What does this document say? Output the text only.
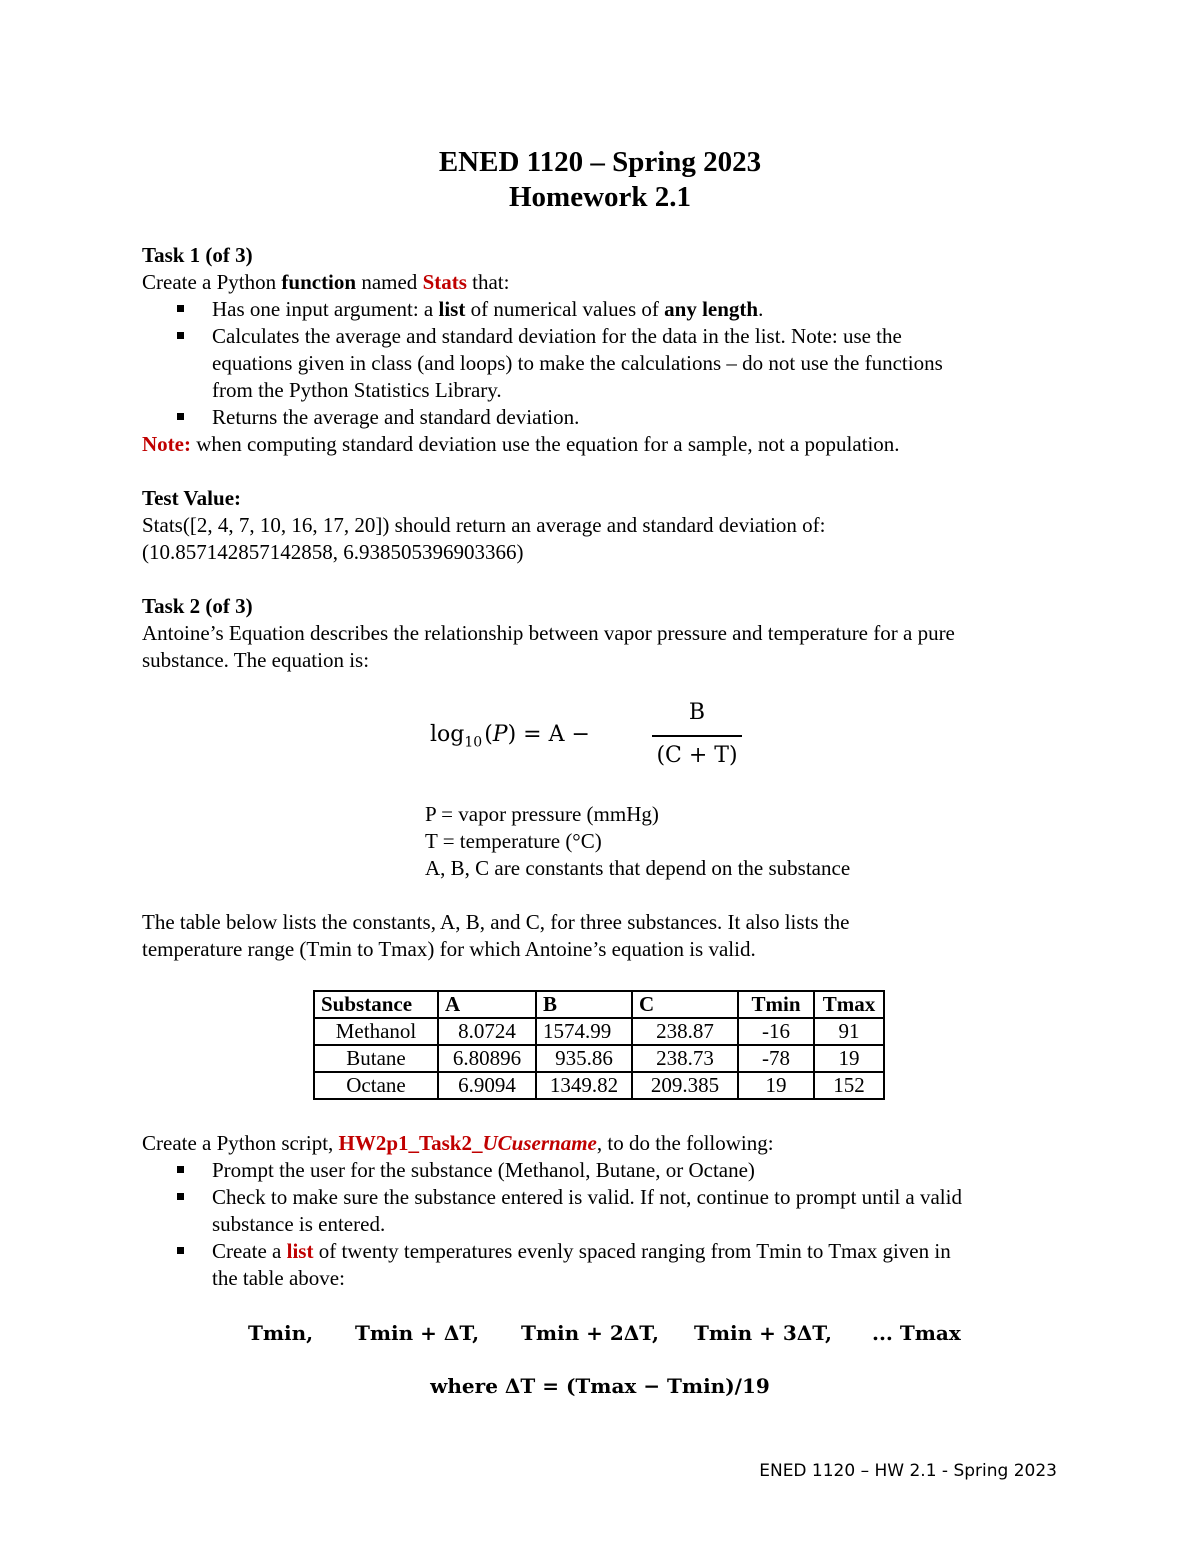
ENED 1120 – Spring 2023
Homework 2.1
Task 1 (of 3)
Create a Python function named Stats that:
Has one input argument: a list of numerical values of any length.
Calculates the average and standard deviation for the data in the list. Note: use the
equations given in class (and loops) to make the calculations – do not use the functions
from the Python Statistics Library.
Returns the average and standard deviation.
Note: when computing standard deviation use the equation for a sample, not a population.
Test Value:
Stats([2, 4, 7, 10, 16, 17, 20]) should return an average and standard deviation of:
(10.857142857142858, 6.938505396903366)
Task 2 (of 3)
Antoine’s Equation describes the relationship between vapor pressure and temperature for a pure
substance. The equation is:
$\log_{10}(𝑃) = A$ −
B
(C + T)
P = vapor pressure (mmHg)
T = temperature (°C)
A, B, C are constants that depend on the substance
The table below lists the constants, A, B, and C, for three substances. It also lists the
temperature range (Tmin to Tmax) for which Antoine’s equation is valid.
Substance	A	B	C	Tmin	Tmax
Methanol	8.0724	1574.99	238.87	-16	91
Butane	6.80896	935.86	238.73	-78	19
Octane	6.9094	1349.82	209.385	19	152
Create a Python script, HW2p1_Task2_UCusername, to do the following:
Prompt the user for the substance (Methanol, Butane, or Octane)
Check to make sure the substance entered is valid. If not, continue to prompt until a valid
substance is entered.
Create a list of twenty temperatures evenly spaced ranging from Tmin to Tmax given in
the table above:
Tmin, Tmin + ΔT, Tmin + 2ΔT, Tmin + 3ΔT, ... Tmax
where ΔT = (Tmax − Tmin)/19
ENED 1120 – HW 2.1 - Spring 2023
